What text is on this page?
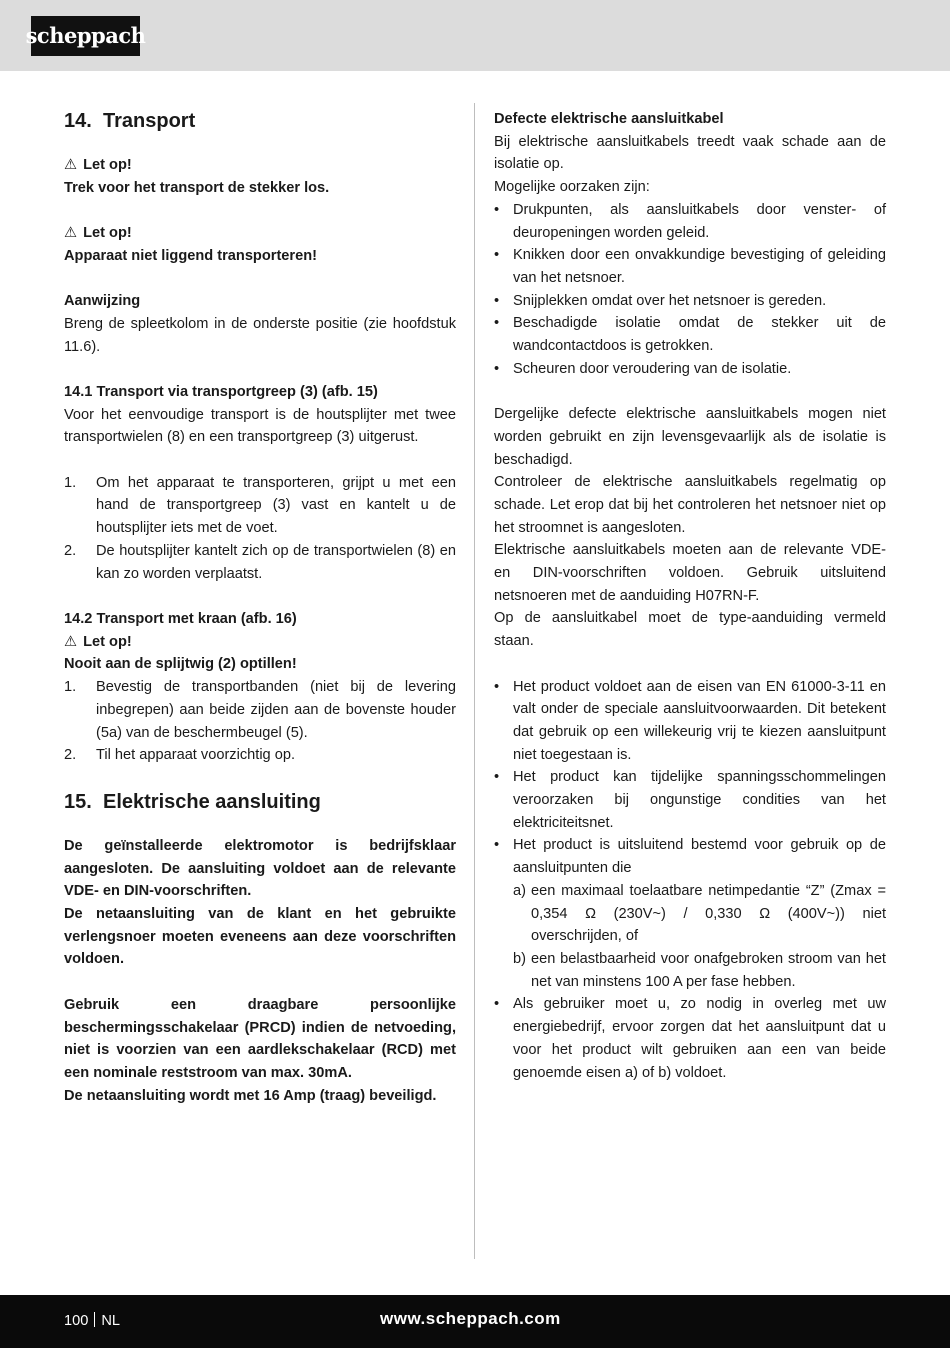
scheppach
14. Transport

⚠ Let op!

Trek voor het transport de stekker los.

⚠ Let op!

Apparaat niet liggend transporteren!

Aanwijzing

Breng de spleetkolom in de onderste positie (zie hoofdstuk 11.6).

14.1 Transport via transportgreep (3) (afb. 15)

Voor het eenvoudige transport is de houtsplijter met twee transportwielen (8) en een transportgreep (3) uitgerust.

1.	Om het apparaat te transporteren, grijpt u met een hand de transportgreep (3) vast en kantelt u de houtsplijter iets met de voet.
2.	De houtsplijter kantelt zich op de transportwielen (8) en kan zo worden verplaatst.

14.2 Transport met kraan (afb. 16)

⚠ Let op!

Nooit aan de splijtwig (2) optillen!

1.	Bevestig de transportbanden (niet bij de levering inbegrepen) aan beide zijden aan de bovenste houder (5a) van de beschermbeugel (5).
2.	Til het apparaat voorzichtig op.
15. Elektrische aansluiting

De geïnstalleerde elektromotor is bedrijfsklaar aangesloten. De aansluiting voldoet aan de relevante VDE- en DIN-voorschriften.

De netaansluiting van de klant en het gebruikte verlengsnoer moeten eveneens aan deze voorschriften voldoen.

Gebruik een draagbare persoonlijke beschermingsschakelaar (PRCD) indien de netvoeding, niet is voorzien van een aardlekschakelaar (RCD) met een nominale reststroom van max. 30mA.

De netaansluiting wordt met 16 Amp (traag) beveiligd.

Defecte elektrische aansluitkabel

Bij elektrische aansluitkabels treedt vaak schade aan de isolatie op.

Mogelijke oorzaken zijn:

• Drukpunten, als aansluitkabels door venster- of deuropeningen worden geleid.
• Knikken door een onvakkundige bevestiging of geleiding van het netsnoer.
• Snijplekken omdat over het netsnoer is gereden.
• Beschadigde isolatie omdat de stekker uit de wandcontactdoos is getrokken.
• Scheuren door veroudering van de isolatie.

Dergelijke defecte elektrische aansluitkabels mogen niet worden gebruikt en zijn levensgevaarlijk als de isolatie is beschadigd.

Controleer de elektrische aansluitkabels regelmatig op schade. Let erop dat bij het controleren het netsnoer niet op het stroomnet is aangesloten.

Elektrische aansluitkabels moeten aan de relevante VDE- en DIN-voorschriften voldoen. Gebruik uitsluitend netsnoeren met de aanduiding H07RN-F.

Op de aansluitkabel moet de type-aanduiding vermeld staan.

• Het product voldoet aan de eisen van EN 61000-3-11 en valt onder de speciale aansluitvoorwaarden. Dit betekent dat gebruik op een willekeurig vrij te kiezen aansluitpunt niet toegestaan is.
• Het product kan tijdelijke spanningsschommelingen veroorzaken bij ongunstige condities van het elektriciteitsnet.
• Het product is uitsluitend bestemd voor gebruik op de aansluitpunten die
a) een maximaal toelaatbare netimpedantie “Z” (Zmax = 0,354 Ω (230V~) / 0,330 Ω (400V~)) niet overschrijden, of
b) een belastbaarheid voor onafgebroken stroom van het net van minstens 100 A per fase hebben.
• Als gebruiker moet u, zo nodig in overleg met uw energiebedrijf, ervoor zorgen dat het aansluitpunt dat u voor het product wilt gebruiken aan een van beide genoemde eisen a) of b) voldoet.
100 NL	www.scheppach.com
